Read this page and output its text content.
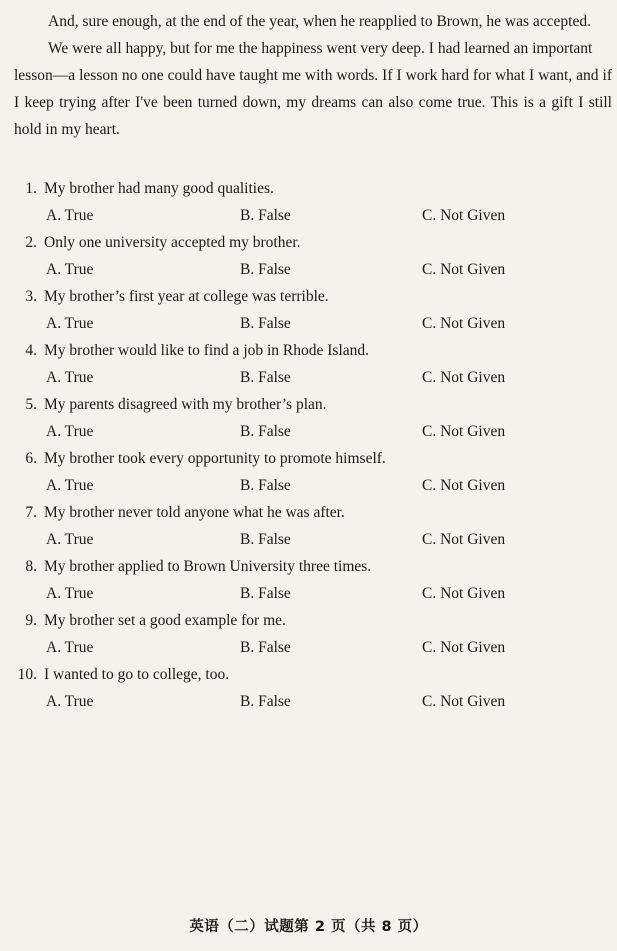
And, sure enough, at the end of the year, when he reapplied to Brown, he was accepted.

We were all happy, but for me the happiness went very deep. I had learned an important

lesson—a lesson no one could have taught me with words. If I work hard for what I want, and if I keep trying after I've been turned down, my dreams can also come true. This is a gift I still hold in my heart.

1. My brother had many good qualities.
A. True	B. False	C. Not Given
2. Only one university accepted my brother.
A. True	B. False	C. Not Given
3. My brother’s first year at college was terrible.
A. True	B. False	C. Not Given
4. My brother would like to find a job in Rhode Island.
A. True	B. False	C. Not Given
5. My parents disagreed with my brother’s plan.
A. True	B. False	C. Not Given
6. My brother took every opportunity to promote himself.
A. True	B. False	C. Not Given
7. My brother never told anyone what he was after.
A. True	B. False	C. Not Given
8. My brother applied to Brown University three times.
A. True	B. False	C. Not Given
9. My brother set a good example for me.
A. True	B. False	C. Not Given
10. I wanted to go to college, too.
A. True	B. False	C. Not Given
英语（二）试题第 2 页（共 8 页）
